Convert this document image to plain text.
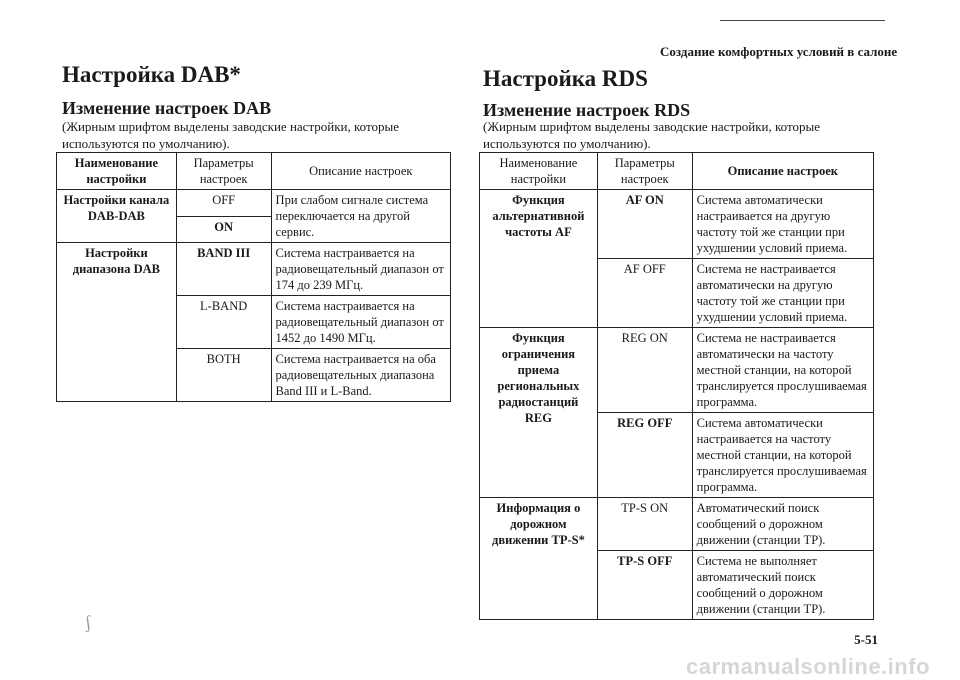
Создание комфортных условий в салоне
Настройка DAB*
Изменение настроек DAB
(Жирным шрифтом выделены заводские настройки, которые используются по умолчанию).
Наименование настройки	Параметры настроек	Описание настроек
Настройки канала DAB-DAB	OFF	При слабом сигнале система переключается на другой сервис.
	ON	
Настройки диапазона DAB	BAND III	Система настраивается на радиовещательный диапазон от 174 до 239 МГц.
	L-BAND	Система настраивается на радиовещательный диапазон от 1452 до 1490 МГц.
	BOTH	Система настраивается на оба радиовещательных диапазона Band III и L-Band.
Настройка RDS
Изменение настроек RDS
(Жирным шрифтом выделены заводские настройки, которые используются по умолчанию).
Наименование настройки	Параметры настроек	Описание настроек
Функция альтернативной частоты AF	AF ON	Система автоматически настраивается на другую частоту той же станции при ухудшении условий приема.
	AF OFF	Система не настраивается автоматически на другую частоту той же станции при ухудшении условий приема.
Функция ограничения приема региональных радиостанций REG	REG ON	Система не настраивается автоматически на частоту местной станции, на которой транслируется прослушиваемая программа.
	REG OFF	Система автоматически настраивается на частоту местной станции, на которой транслируется прослушиваемая программа.
Информация о дорожном движении TP-S*	TP-S ON	Автоматический поиск сообщений о дорожном движении (станции TP).
	TP-S OFF	Система не выполняет автоматический поиск сообщений о дорожном движении (станции TP).
ʃ
5-51
carmanualsonline.info
